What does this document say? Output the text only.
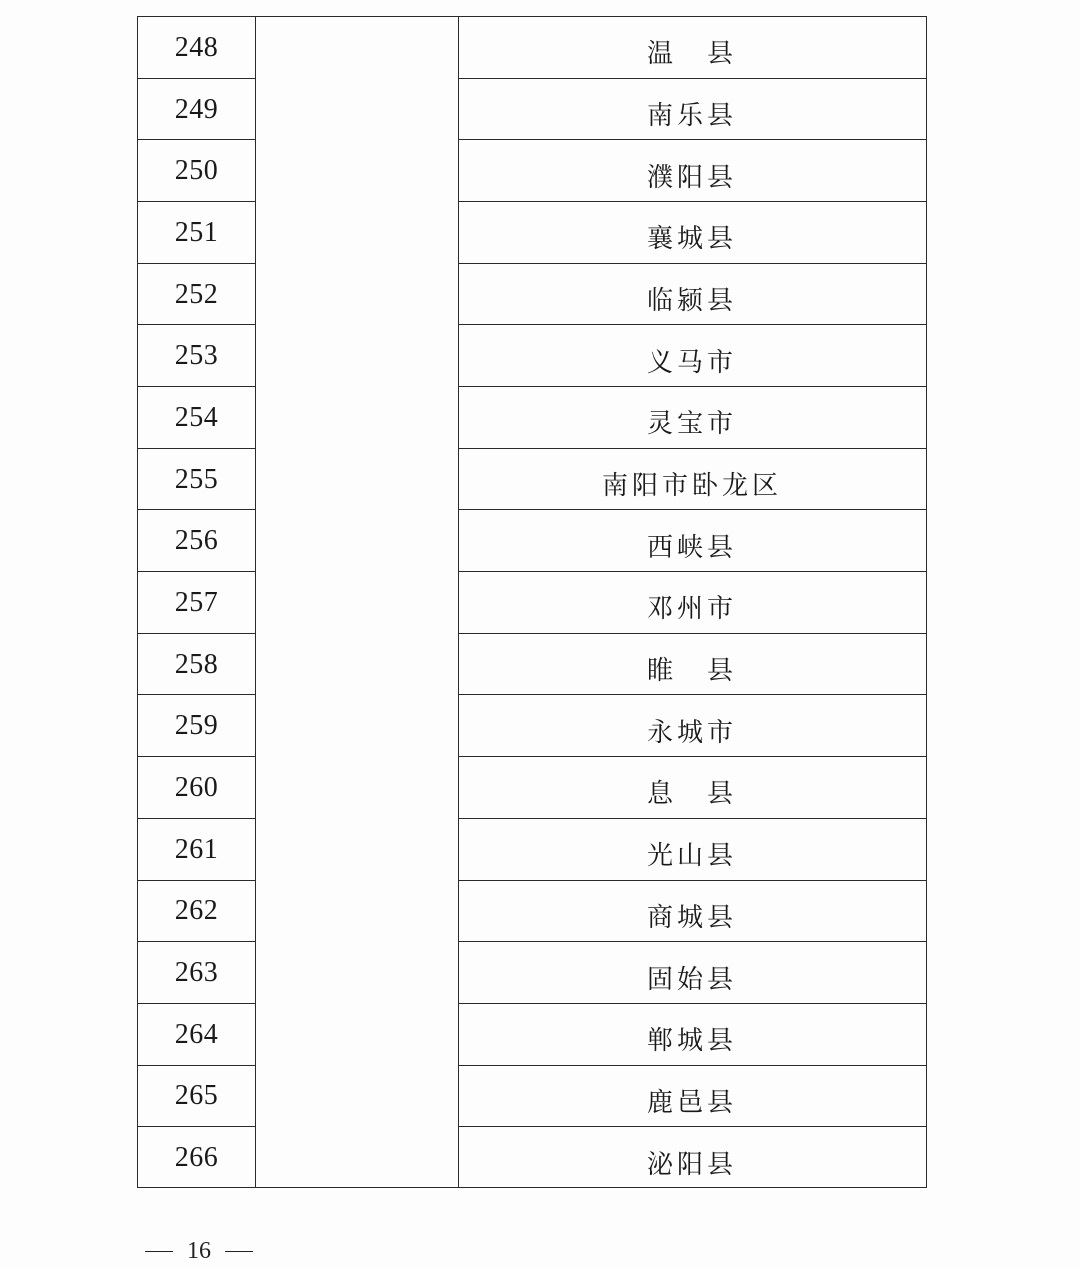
248	温　县
249	南乐县
250	濮阳县
251	襄城县
252	临颍县
253	义马市
254	灵宝市
255	南阳市卧龙区
256	西峡县
257	邓州市
258	睢　县
259	永城市
260	息　县
261	光山县
262	商城县
263	固始县
264	郸城县
265	鹿邑县
266	泌阳县
16
